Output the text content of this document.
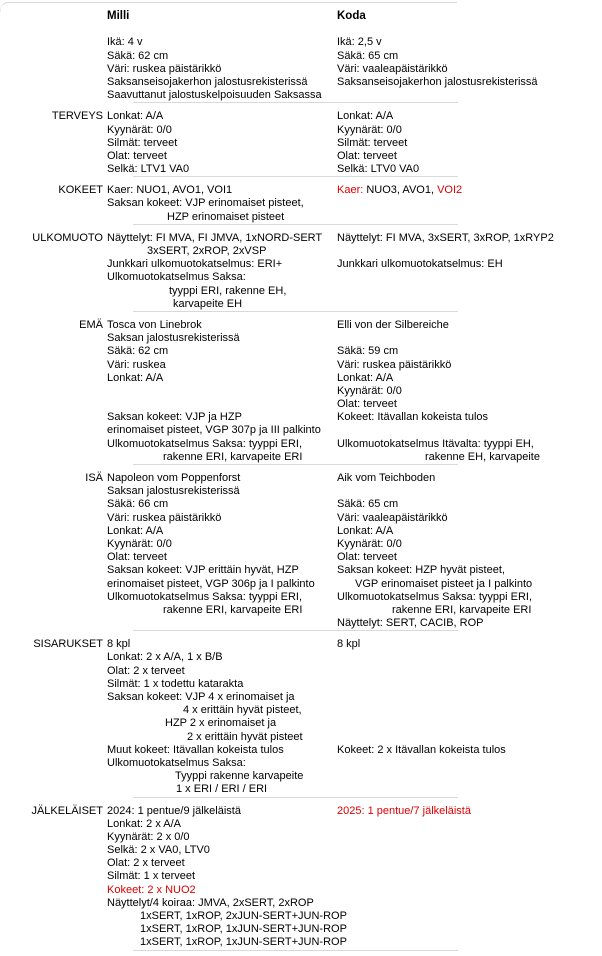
Milli

Ikä: 4 v
Säkä: 62 cm
Väri: ruskea päistärikkö
Saksanseisojakerhon jalostusrekisterissä
Saavuttanut jalostuskelpoisuuden Saksassa
Koda

Ikä: 2,5 v
Säkä: 65 cm
Väri: vaaleapäistärikkö
Saksanseisojakerhon jalostusrekisterissä
TERVEYS Lonkat: A/A
Kyynärät: 0/0
Silmät: terveet
Olat: terveet
Selkä: LTV1 VA0
Lonkat: A/A
Kyynärät: 0/0
Silmät: terveet
Olat: terveet
Selkä: LTV0 VA0
KOKEET Kaer: NUO1, AVO1, VOI1
Saksan kokeet: VJP erinomaiset pisteet,
HZP erinomaiset pisteet
Kaer: NUO3, AVO1, VOI2
ULKOMUOTO Näyttelyt: FI MVA, FI JMVA, 1xNORD-SERT
3xSERT, 2xROP, 2xVSP
Junkkari ulkomuotokatselmus: ERI+
Ulkomuotokatselmus Saksa:
tyyppi ERI, rakenne EH,
karvapeite EH
Näyttelyt: FI MVA, 3xSERT, 3xROP, 1xRYP2

Junkkari ulkomuotokatselmus: EH
EMÄ Tosca von Linebrok
Saksan jalostusrekisterissä
Säkä: 62 cm
Väri: ruskea
Lonkat: A/A

Saksan kokeet: VJP ja HZP
erinomaiset pisteet, VGP 307p ja III palkinto
Ulkomuotokatselmus Saksa: tyyppi ERI,
rakenne ERI, karvapeite ERI
Elli von der Silbereiche

Säkä: 59 cm
Väri: ruskea päistärikkö
Lonkat: A/A
Kyynärät: 0/0
Olat: terveet
Kokeet: Itävallan kokeista tulos

Ulkomuotokatselmus Itävalta: tyyppi EH,
rakenne EH, karvapeite
ISÄ Napoleon vom Poppenforst
Saksan jalostusrekisterissä
Säkä: 66 cm
Väri: ruskea päistärikkö
Lonkat: A/A
Kyynärät: 0/0
Olat: terveet
Saksan kokeet: VJP erittäin hyvät, HZP
erinomaiset pisteet, VGP 306p ja I palkinto
Ulkomuotokatselmus Saksa: tyyppi ERI,
rakenne ERI, karvapeite ERI
Aik vom Teichboden

Säkä: 65 cm
Väri: vaaleapäistärikkö
Lonkat: A/A
Kyynärät: 0/0
Olat: terveet
Saksan kokeet: HZP hyvät pisteet,
VGP erinomaiset pisteet ja I palkinto
Ulkomuotokatselmus Saksa: tyyppi ERI,
rakenne ERI, karvapeite ERI
Näyttelyt: SERT, CACIB, ROP
SISARUKSET 8 kpl
Lonkat: 2 x A/A, 1 x B/B
Olat: 2 x terveet
Silmät: 1 x todettu katarakta
Saksan kokeet: VJP 4 x erinomaiset ja
4 x erittäin hyvät pisteet,
HZP 2 x erinomaiset ja
2 x erittäin hyvät pisteet
Muut kokeet: Itävallan kokeista tulos
Ulkomuotokatselmus Saksa:
Tyyppi rakenne karvapeite
1 x ERI / ERI / ERI
8 kpl

Kokeet: 2 x Itävallan kokeista tulos
JÄLKELÄISET 2024: 1 pentue/9 jälkeläistä
Lonkat: 2 x A/A
Kyynärät: 2 x 0/0
Selkä: 2 x VA0, LTV0
Olat: 2 x terveet
Silmät: 1 x terveet
Kokeet: 2 x NUO2
Näyttelyt/4 koiraa: JMVA, 2xSERT, 2xROP
1xSERT, 1xROP, 2xJUN-SERT+JUN-ROP
1xSERT, 1xROP, 1xJUN-SERT+JUN-ROP
1xSERT, 1xROP, 1xJUN-SERT+JUN-ROP
2025: 1 pentue/7 jälkeläistä
